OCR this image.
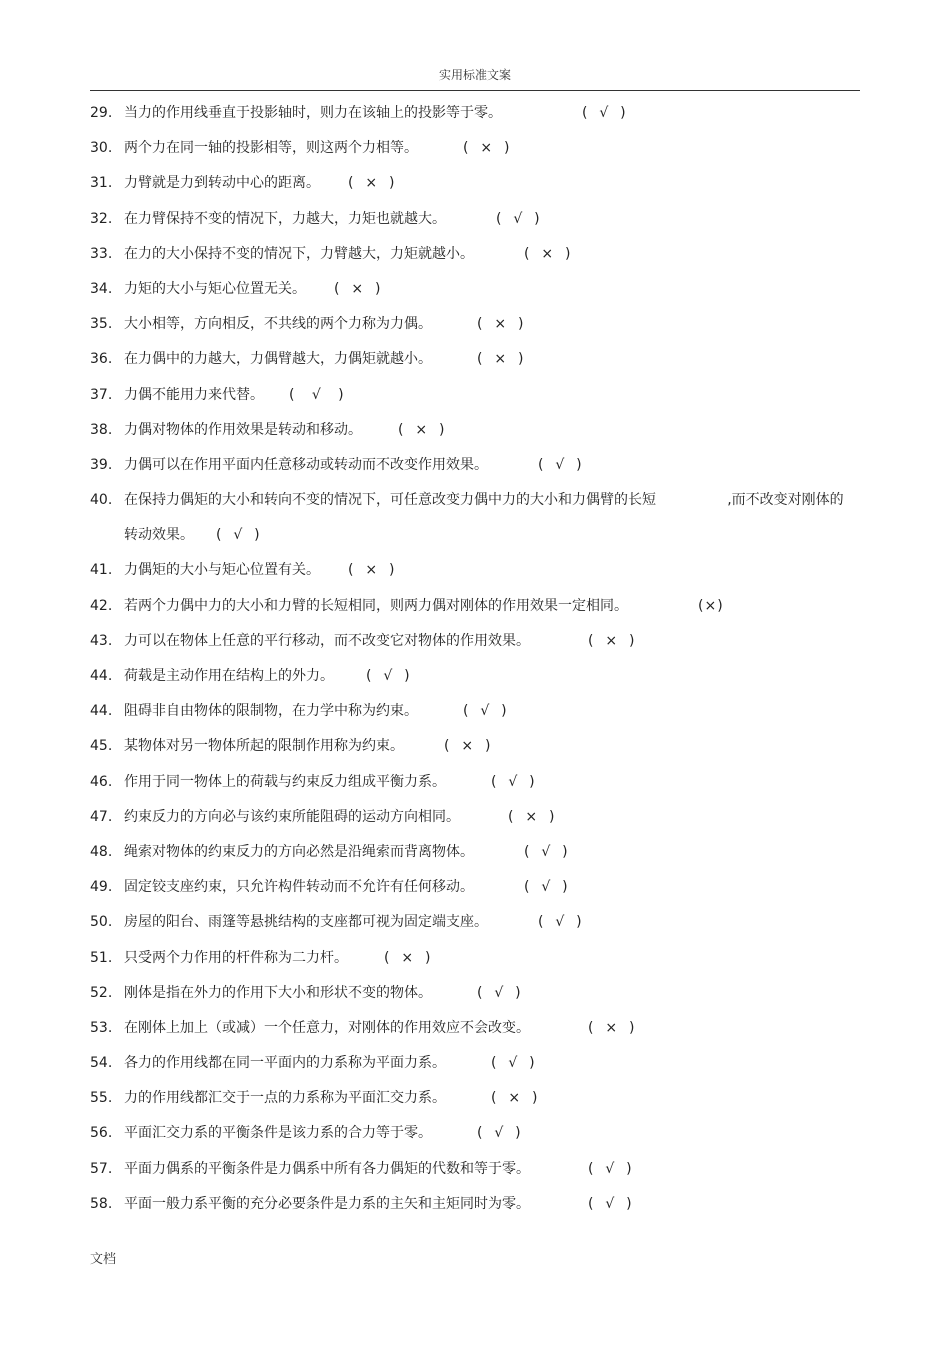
实用标准文案
29. 当力的作用线垂直于投影轴时，则力在该轴上的投影等于零。	(  √  )
30. 两个力在同一轴的投影相等，则这两个力相等。	(  ×  )
31. 力臂就是力到转动中心的距离。 (  ×  )
32. 在力臂保持不变的情况下，力越大，力矩也就越大。	(  √  )
33. 在力的大小保持不变的情况下，力臂越大，力矩就越小。	(  ×  )
34. 力矩的大小与矩心位置无关。 (  ×  )
35. 大小相等，方向相反，不共线的两个力称为力偶。	(  ×  )
36. 在力偶中的力越大，力偶臂越大，力偶矩就越小。	(  ×  )
37. 力偶不能用力来代替。 (   √   )
38. 力偶对物体的作用效果是转动和移动。	(  ×  )
39. 力偶可以在作用平面内任意移动或转动而不改变作用效果。	(  √  )
40. 在保持力偶矩的大小和转向不变的情况下，可任意改变力偶中力的大小和力偶臂的长短                ,而不改变对刚体的转动效果。 (  √  )
41. 力偶矩的大小与矩心位置有关。 (  ×  )
42. 若两个力偶中力的大小和力臂的长短相同，则两力偶对刚体的作用效果一定相同。	(×)
43. 力可以在物体上任意的平行移动，而不改变它对物体的作用效果。	(  ×  )
44. 荷载是主动作用在结构上的外力。 (  √  )
44. 阻碍非自由物体的限制物，在力学中称为约束。	(  √  )
45. 某物体对另一物体所起的限制作用称为约束。	(  ×  )
46. 作用于同一物体上的荷载与约束反力组成平衡力系。	(  √  )
47. 约束反力的方向必与该约束所能阻碍的运动方向相同。	(  ×  )
48. 绳索对物体的约束反力的方向必然是沿绳索而背离物体。	(  √  )
49. 固定铰支座约束，只允许构件转动而不允许有任何移动。	(  √  )
50. 房屋的阳台、雨篷等悬挑结构的支座都可视为固定端支座。	(  √  )
51. 只受两个力作用的杆件称为二力杆。	(  ×  )
52. 刚体是指在外力的作用下大小和形状不变的物体。	(  √  )
53. 在刚体上加上（或减）一个任意力，对刚体的作用效应不会改变。	(  ×  )
54. 各力的作用线都在同一平面内的力系称为平面力系。	(  √  )
55. 力的作用线都汇交于一点的力系称为平面汇交力系。	(  ×  )
56. 平面汇交力系的平衡条件是该力系的合力等于零。	(  √  )
57. 平面力偶系的平衡条件是力偶系中所有各力偶矩的代数和等于零。	(  √  )
58. 平面一般力系平衡的充分必要条件是力系的主矢和主矩同时为零。	(  √  )
文档
